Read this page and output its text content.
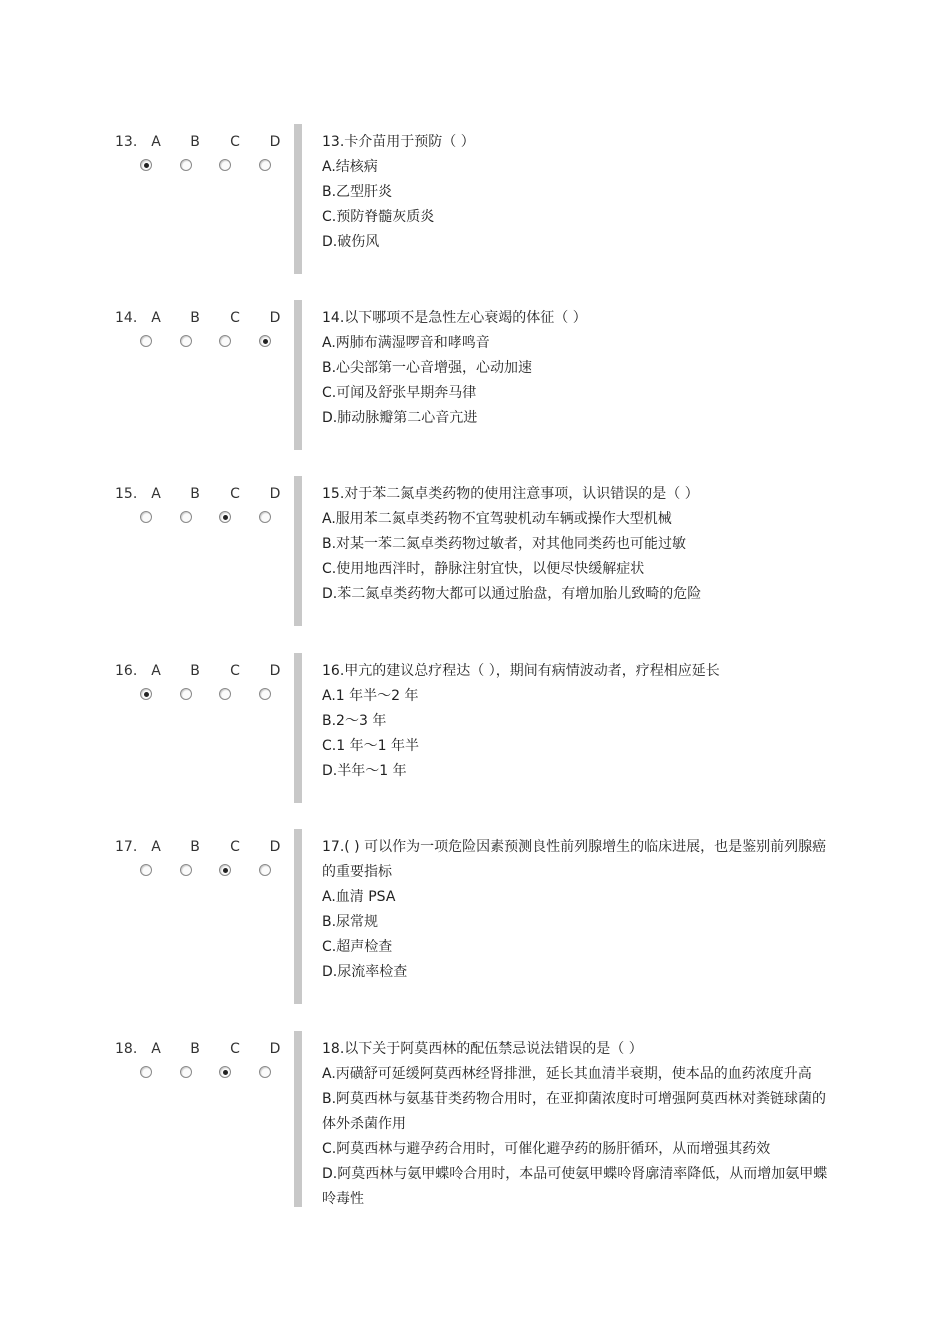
13. A B C D	13.卡介苗用于预防（ ）
A.结核病
B.乙型肝炎
C.预防脊髓灰质炎
D.破伤风
14. A B C D	14.以下哪项不是急性左心衰竭的体征（ ）
A.两肺布满湿啰音和哮鸣音
B.心尖部第一心音增强，心动加速
C.可闻及舒张早期奔马律
D.肺动脉瓣第二心音亢进
15. A B C D	15.对于苯二氮卓类药物的使用注意事项，认识错误的是（ ）
A.服用苯二氮卓类药物不宜驾驶机动车辆或操作大型机械
B.对某一苯二氮卓类药物过敏者，对其他同类药也可能过敏
C.使用地西泮时，静脉注射宜快，以便尽快缓解症状
D.苯二氮卓类药物大都可以通过胎盘，有增加胎儿致畸的危险
16. A B C D	16.甲亢的建议总疗程达（ ），期间有病情波动者，疗程相应延长
A.1 年半～2 年
B.2～3 年
C.1 年～1 年半
D.半年～1 年
17. A B C D	17.( ) 可以作为一项危险因素预测良性前列腺增生的临床进展，也是鉴别前列腺癌的重要指标
A.血清 PSA
B.尿常规
C.超声检查
D.尿流率检查
18. A B C D	18.以下关于阿莫西林的配伍禁忌说法错误的是（ ）
A.丙磺舒可延缓阿莫西林经肾排泄，延长其血清半衰期，使本品的血药浓度升高
B.阿莫西林与氨基苷类药物合用时，在亚抑菌浓度时可增强阿莫西林对粪链球菌的体外杀菌作用
C.阿莫西林与避孕药合用时，可催化避孕药的肠肝循环，从而增强其药效
D.阿莫西林与氨甲蝶呤合用时，本品可使氨甲蝶呤肾廓清率降低，从而增加氨甲蝶呤毒性
